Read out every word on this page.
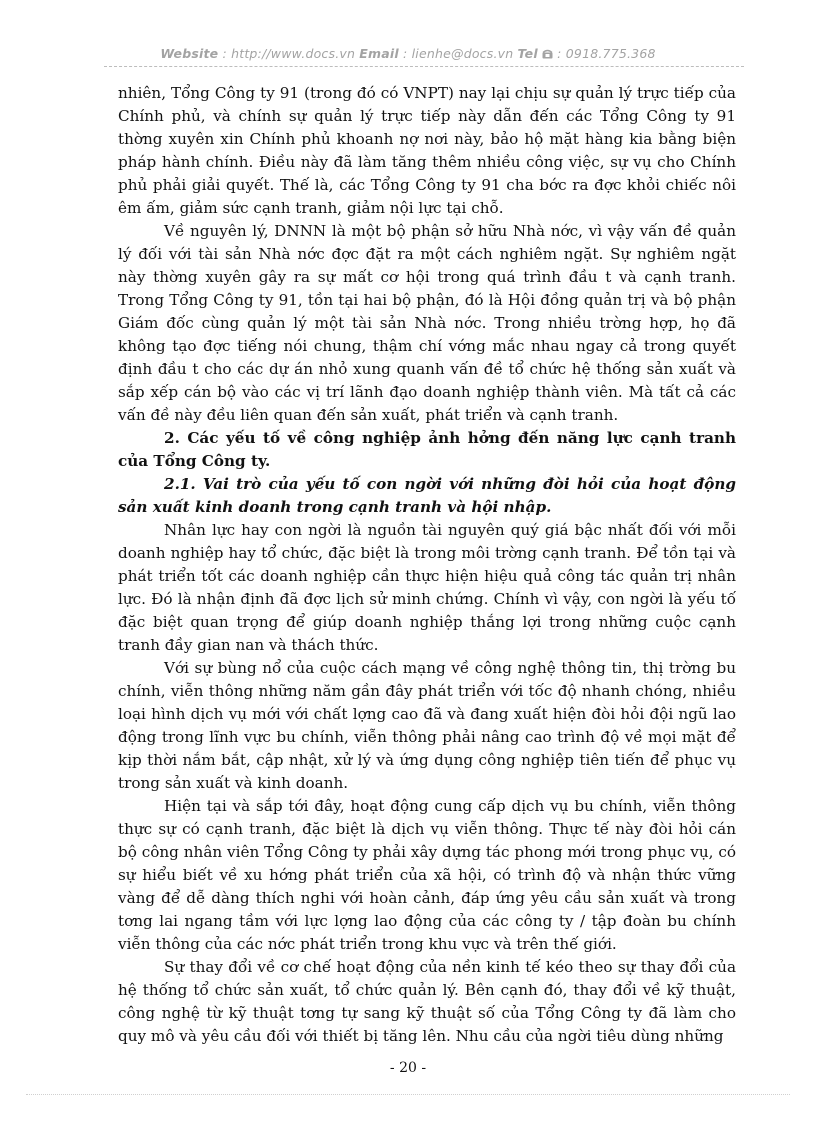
Website : http://www.docs.vn Email : lienhe@docs.vn Tel  : 0918.775.368

nhiên, Tổng Công ty 91 (trong đó có VNPT) nay lại chịu sự quản lý trực tiếp của Chính phủ, và chính sự quản lý trực tiếp này dẫn đến các Tổng Công ty 91 thờng xuyên xin Chính phủ khoanh nợ nơi này, bảo hộ mặt hàng kia bằng biện pháp hành chính. Điều này đã làm tăng thêm nhiều công việc, sự vụ cho Chính phủ phải giải quyết. Thế là, các Tổng Công ty 91 cha bớc ra đợc khỏi chiếc nôi êm ấm, giảm sức cạnh tranh, giảm nội lực tại chỗ.

Về nguyên lý, DNNN là một bộ phận sở hữu Nhà nớc, vì vậy vấn đề quản lý đối với tài sản Nhà nớc đợc đặt ra một cách nghiêm ngặt. Sự nghiêm ngặt này thờng xuyên gây ra sự mất cơ hội trong quá trình đầu t và cạnh tranh. Trong Tổng Công ty 91, tồn tại hai bộ phận, đó là Hội đồng quản trị và bộ phận Giám đốc cùng quản lý một tài sản Nhà nớc. Trong nhiều trờng hợp, họ đã không tạo đợc tiếng nói chung, thậm chí vớng mắc nhau ngay cả trong quyết định đầu t cho các dự án nhỏ xung quanh vấn đề tổ chức hệ thống sản xuất và sắp xếp cán bộ vào các vị trí lãnh đạo doanh nghiệp thành viên. Mà tất cả các vấn đề này đều liên quan đến sản xuất, phát triển và cạnh tranh.

2. Các yếu tố về công nghiệp ảnh hởng đến năng lực cạnh tranh của Tổng Công ty.

2.1. Vai trò của yếu tố con ngời với những đòi hỏi của hoạt động sản xuất kinh doanh trong cạnh tranh và hội nhập.

Nhân lực hay con ngời là nguồn tài nguyên quý giá bậc nhất đối với mỗi doanh nghiệp hay tổ chức, đặc biệt là trong môi trờng cạnh tranh. Để tồn tại và phát triển tốt các doanh nghiệp cần thực hiện hiệu quả công tác quản trị nhân lực. Đó là nhận định đã đợc lịch sử minh chứng. Chính vì vậy, con ngời là yếu tố đặc biệt quan trọng để giúp doanh nghiệp thắng lợi trong những cuộc cạnh tranh đầy gian nan và thách thức.

Với sự bùng nổ của cuộc cách mạng về công nghệ thông tin, thị trờng bu chính, viễn thông những năm gần đây phát triển với tốc độ nhanh chóng, nhiều loại hình dịch vụ mới với chất lợng cao đã và đang xuất hiện đòi hỏi đội ngũ lao động trong lĩnh vực bu chính, viễn thông phải nâng cao trình độ về mọi mặt để kịp thời nắm bắt, cập nhật, xử lý và ứng dụng công nghiệp tiên tiến để phục vụ trong sản xuất và kinh doanh.

Hiện tại và sắp tới đây, hoạt động cung cấp dịch vụ bu chính, viễn thông thực sự có cạnh tranh, đặc biệt là dịch vụ viễn thông. Thực tế này đòi hỏi cán bộ công nhân viên Tổng Công ty phải xây dựng tác phong mới trong phục vụ, có sự hiểu biết về xu hớng phát triển của xã hội, có trình độ và nhận thức vững vàng để dễ dàng thích nghi với hoàn cảnh, đáp ứng yêu cầu sản xuất và trong tơng lai ngang tầm với lực lợng lao động của các công ty / tập đoàn bu chính viễn thông của các nớc phát triển trong khu vực và trên thế giới.

Sự thay đổi về cơ chế hoạt động của nền kinh tế kéo theo sự thay đổi của hệ thống tổ chức sản xuất, tổ chức quản lý. Bên cạnh đó, thay đổi về kỹ thuật, công nghệ từ kỹ thuật tơng tự sang kỹ thuật số của Tổng Công ty đã làm cho quy mô và yêu cầu đối với thiết bị tăng lên. Nhu cầu của ngời tiêu dùng những

- 20 -
